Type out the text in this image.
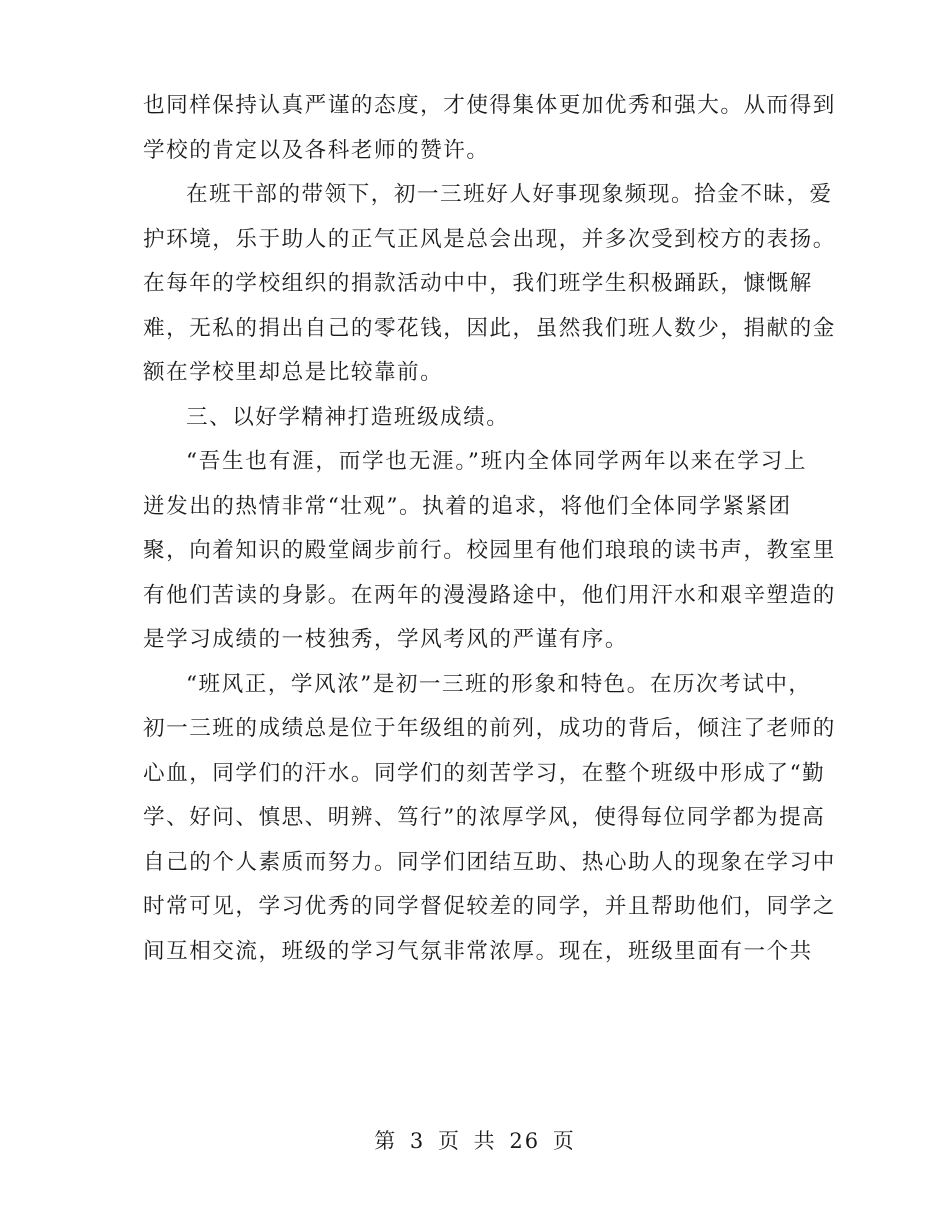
也同样保持认真严谨的态度，才使得集体更加优秀和强大。从而得到
学校的肯定以及各科老师的赞许。
在班干部的带领下，初一三班好人好事现象频现。拾金不昧，爱
护环境，乐于助人的正气正风是总会出现，并多次受到校方的表扬。
在每年的学校组织的捐款活动中中，我们班学生积极踊跃，慷慨解
难，无私的捐出自己的零花钱，因此，虽然我们班人数少，捐献的金
额在学校里却总是比较靠前。
三、以好学精神打造班级成绩。
“吾生也有涯，而学也无涯。”班内全体同学两年以来在学习上
迸发出的热情非常“壮观”。执着的追求，将他们全体同学紧紧团
聚，向着知识的殿堂阔步前行。校园里有他们琅琅的读书声，教室里
有他们苦读的身影。在两年的漫漫路途中，他们用汗水和艰辛塑造的
是学习成绩的一枝独秀，学风考风的严谨有序。
“班风正，学风浓”是初一三班的形象和特色。在历次考试中，
初一三班的成绩总是位于年级组的前列，成功的背后，倾注了老师的
心血，同学们的汗水。同学们的刻苦学习，在整个班级中形成了“勤
学、好问、慎思、明辨、笃行”的浓厚学风，使得每位同学都为提高
自己的个人素质而努力。同学们团结互助、热心助人的现象在学习中
时常可见，学习优秀的同学督促较差的同学，并且帮助他们，同学之
间互相交流，班级的学习气氛非常浓厚。现在，班级里面有一个共
第 3 页 共 26 页
